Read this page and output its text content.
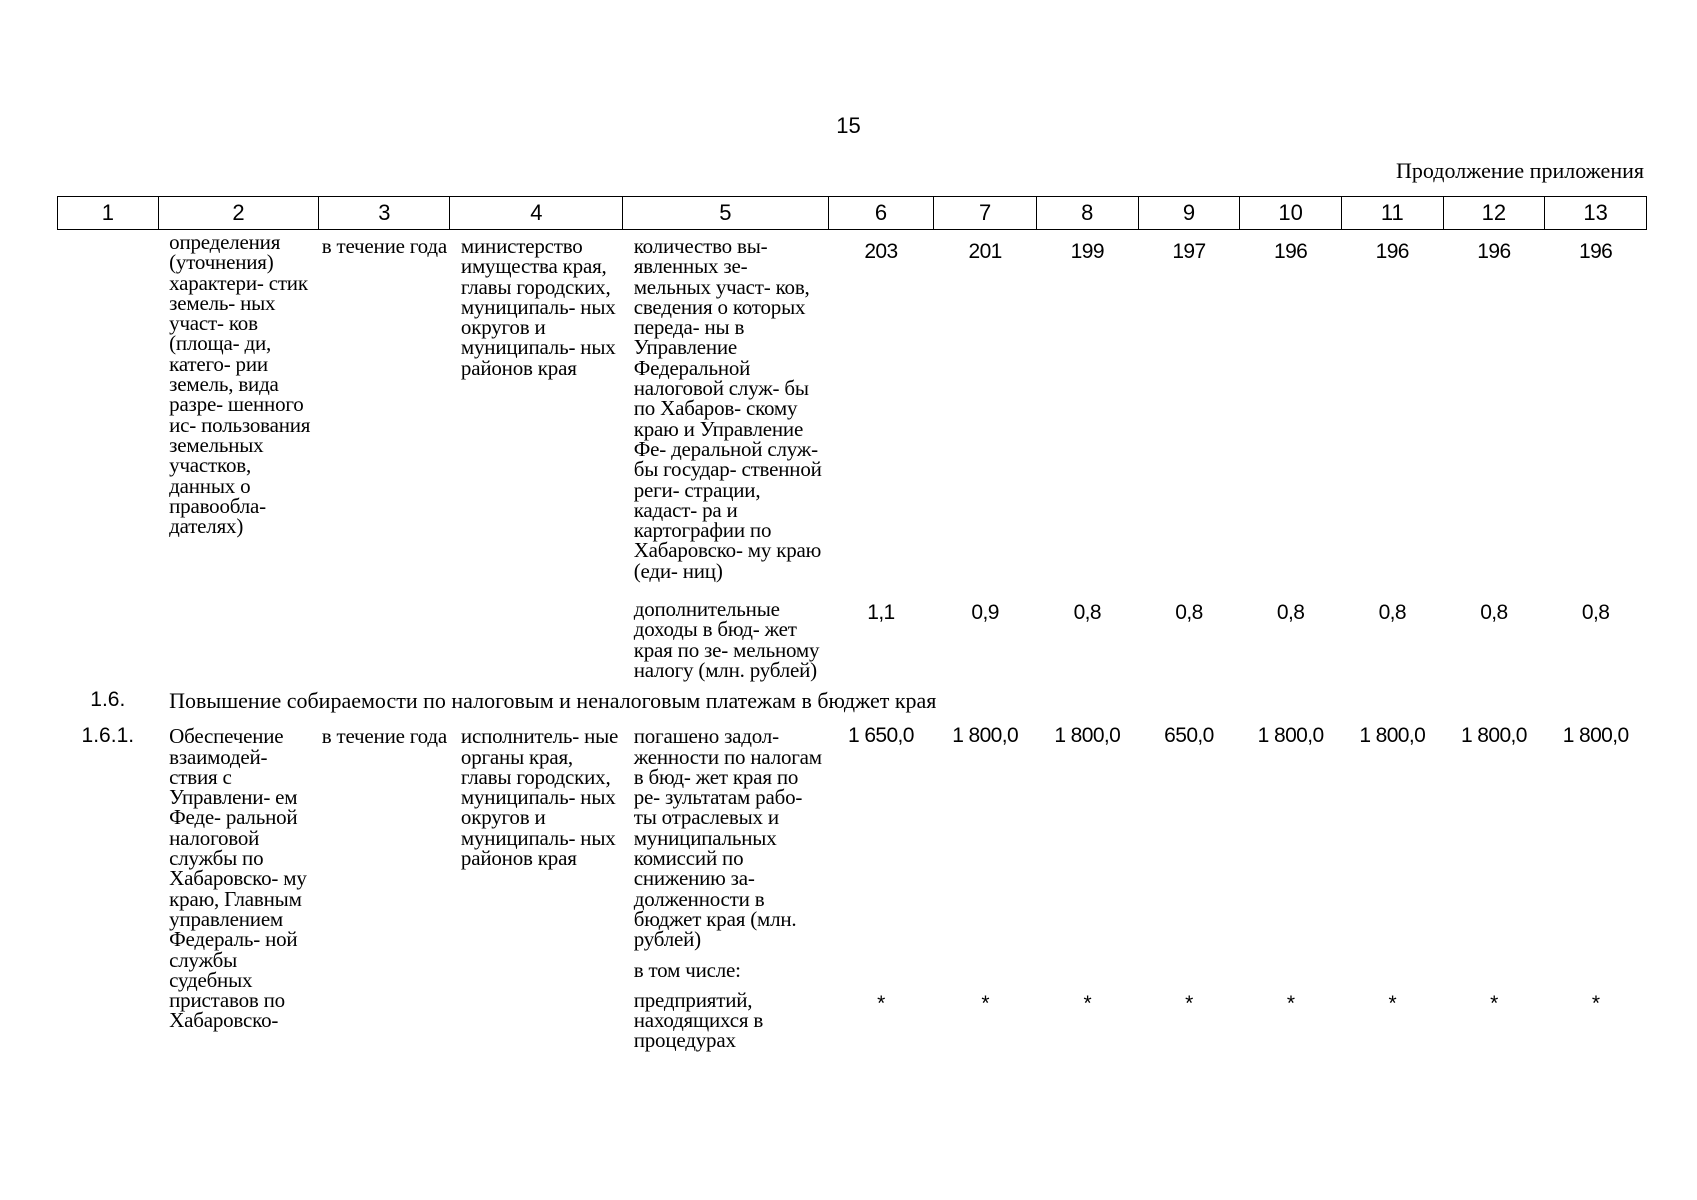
15
Продолжение приложения
1	2	3	4	5	6	7	8	9	10	11	12	13
	определения (уточнения) характери- стик земель- ных участ- ков (площа- ди, катего- рии земель, вида разре- шенного ис- пользования земельных участков, данных о правообла- дателях)	в течение года	министерство имущества края, главы городских, муниципаль- ных округов и муниципаль- ных районов края	количество вы- явленных зе- мельных участ- ков, сведения о которых переда- ны в Управление Федеральной налоговой служ- бы по Хабаров- скому краю и Управление Фе- деральной служ- бы государ- ственной реги- страции, кадаст- ра и картографии по Хабаровско- му краю (еди- ниц)	203	201	199	197	196	196	196	196
				дополнительные доходы в бюд- жет края по зе- мельному налогу (млн. рублей)	1,1	0,9	0,8	0,8	0,8	0,8	0,8	0,8
1.6.	Повышение собираемости по налоговым и неналоговым платежам в бюджет края											
1.6.1.	Обеспечение взаимодей- ствия с Управлени- ем Феде- ральной налоговой службы по Хабаровско- му краю, Главным управлением Федераль- ной службы судебных приставов по Хабаровско-	в течение года	исполнитель- ные органы края, главы городских, муниципаль- ных округов и муниципаль- ных районов края	погашено задол- женности по налогам в бюд- жет края по ре- зультатам рабо- ты отраслевых и муниципальных комиссий по снижению за- долженности в бюджет края (млн. рублей)	1 650,0	1 800,0	1 800,0	650,0	1 800,0	1 800,0	1 800,0	1 800,0
				в том числе:								
				предприятий, находящихся в процедурах	*	*	*	*	*	*	*	*
